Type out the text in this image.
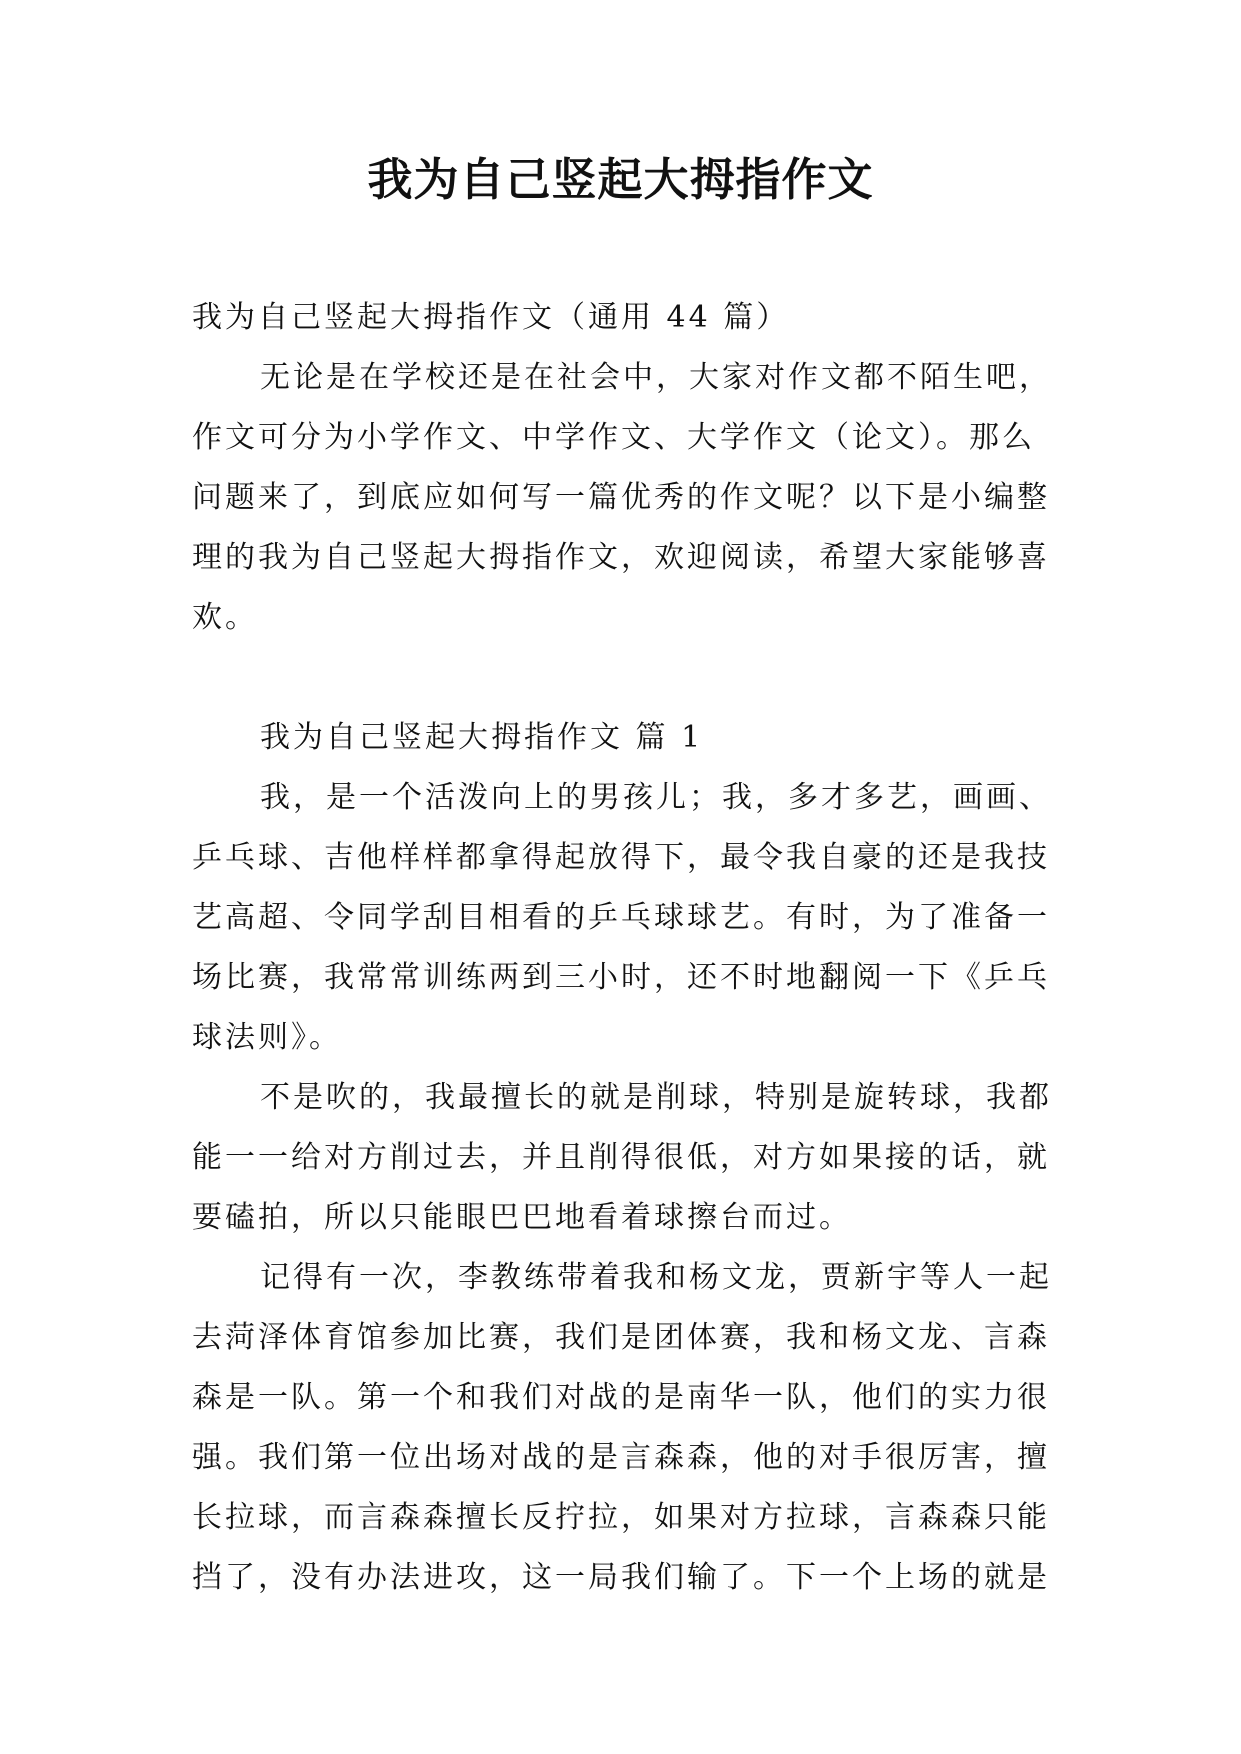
我为自己竖起大拇指作文
我为自己竖起大拇指作文（通用 44 篇）
无论是在学校还是在社会中，大家对作文都不陌生吧，
作文可分为小学作文、中学作文、大学作文（论文）。那么
问题来了，到底应如何写一篇优秀的作文呢？以下是小编整
理的我为自己竖起大拇指作文，欢迎阅读，希望大家能够喜
欢。
我为自己竖起大拇指作文 篇 1
我，是一个活泼向上的男孩儿；我，多才多艺，画画、
乒乓球、吉他样样都拿得起放得下，最令我自豪的还是我技
艺高超、令同学刮目相看的乒乓球球艺。有时，为了准备一
场比赛，我常常训练两到三小时，还不时地翻阅一下《乒乓
球法则》。
不是吹的，我最擅长的就是削球，特别是旋转球，我都
能一一给对方削过去，并且削得很低，对方如果接的话，就
要磕拍，所以只能眼巴巴地看着球擦台而过。
记得有一次，李教练带着我和杨文龙，贾新宇等人一起
去菏泽体育馆参加比赛，我们是团体赛，我和杨文龙、言森
森是一队。第一个和我们对战的是南华一队，他们的实力很
强。我们第一位出场对战的是言森森，他的对手很厉害，擅
长拉球，而言森森擅长反拧拉，如果对方拉球，言森森只能
挡了，没有办法进攻，这一局我们输了。下一个上场的就是
